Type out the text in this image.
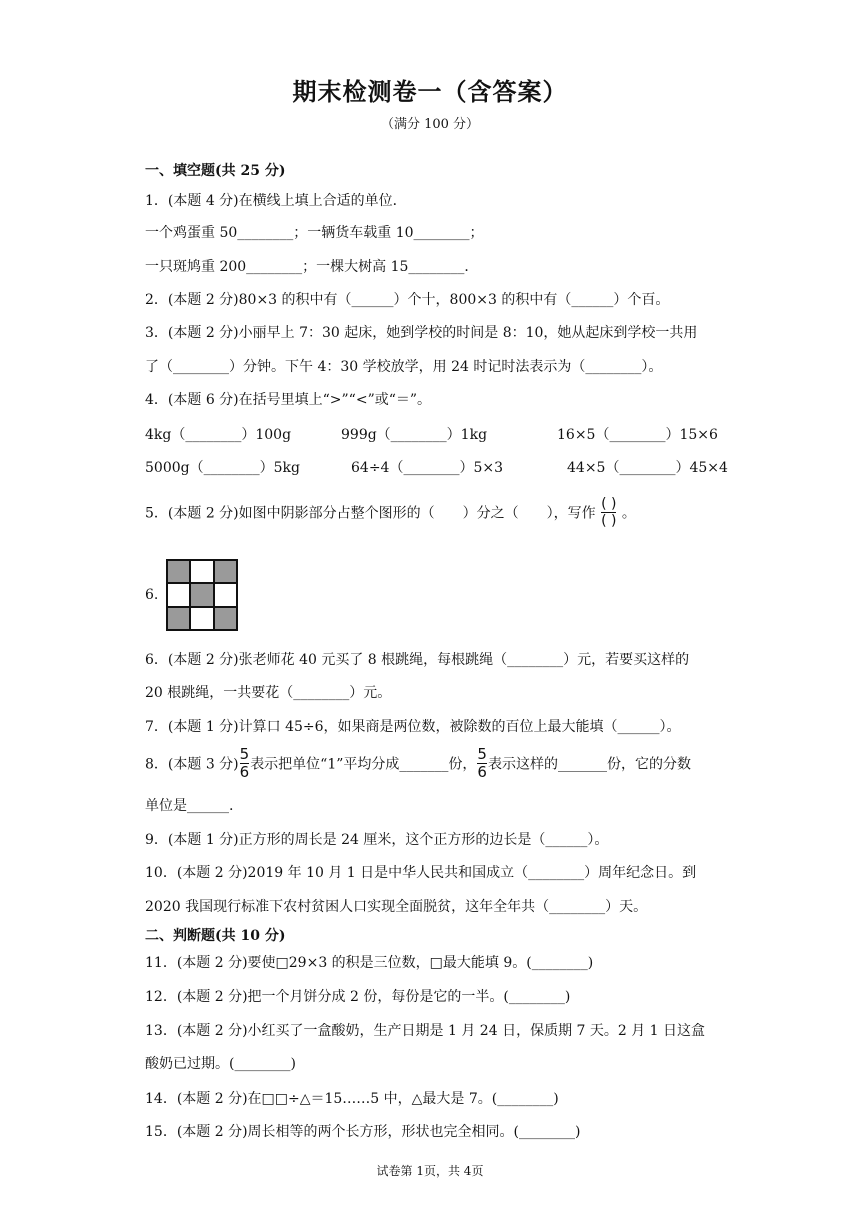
期末检测卷一（含答案）
（满分 100 分）
一、填空题(共 25 分)
1．(本题 4 分)在横线上填上合适的单位．
一个鸡蛋重 50________；一辆货车载重 10________；
一只斑鸠重 200________；一棵大树高 15________．
2．(本题 2 分)80×3 的积中有（______）个十，800×3 的积中有（______）个百。
3．(本题 2 分)小丽早上 7：30 起床，她到学校的时间是 8：10，她从起床到学校一共用
了（________）分钟。下午 4：30 学校放学，用 24 时记时法表示为（________）。
4．(本题 6 分)在括号里填上“>”“<”或“＝”。
4kg（________）100g	999g（________）1kg	16×5（________）15×6
5000g（________）5kg	64÷4（________）5×3	44×5（________）45×4
5．(本题 2 分)如图中阴影部分占整个图形的（　　）分之（　　），写作 $\frac{( )}{( )}$ 。
6.
6．(本题 2 分)张老师花 40 元买了 8 根跳绳，每根跳绳（________）元，若要买这样的
20 根跳绳，一共要花（________）元。
7．(本题 1 分)计算口 45÷6，如果商是两位数，被除数的百位上最大能填（______）。
8．(本题 3 分) $\frac{5}{6}$ 表示把单位“1”平均分成_______份， $\frac{5}{6}$ 表示这样的_______份，它的分数
单位是______.
9．(本题 1 分)正方形的周长是 24 厘米，这个正方形的边长是（______）。
10．(本题 2 分)2019 年 10 月 1 日是中华人民共和国成立（________）周年纪念日。到
2020 我国现行标准下农村贫困人口实现全面脱贫，这年全年共（________）天。
二、判断题(共 10 分)
11．(本题 2 分)要使□29×3 的积是三位数，□最大能填 9。(________)
12．(本题 2 分)把一个月饼分成 2 份，每份是它的一半。(________)
13．(本题 2 分)小红买了一盒酸奶，生产日期是 1 月 24 日，保质期 7 天。2 月 1 日这盒
酸奶已过期。(________)
14．(本题 2 分)在□□÷△＝15……5 中，△最大是 7。(________)
15．(本题 2 分)周长相等的两个长方形，形状也完全相同。(________)
试卷第 1页，共 4页
